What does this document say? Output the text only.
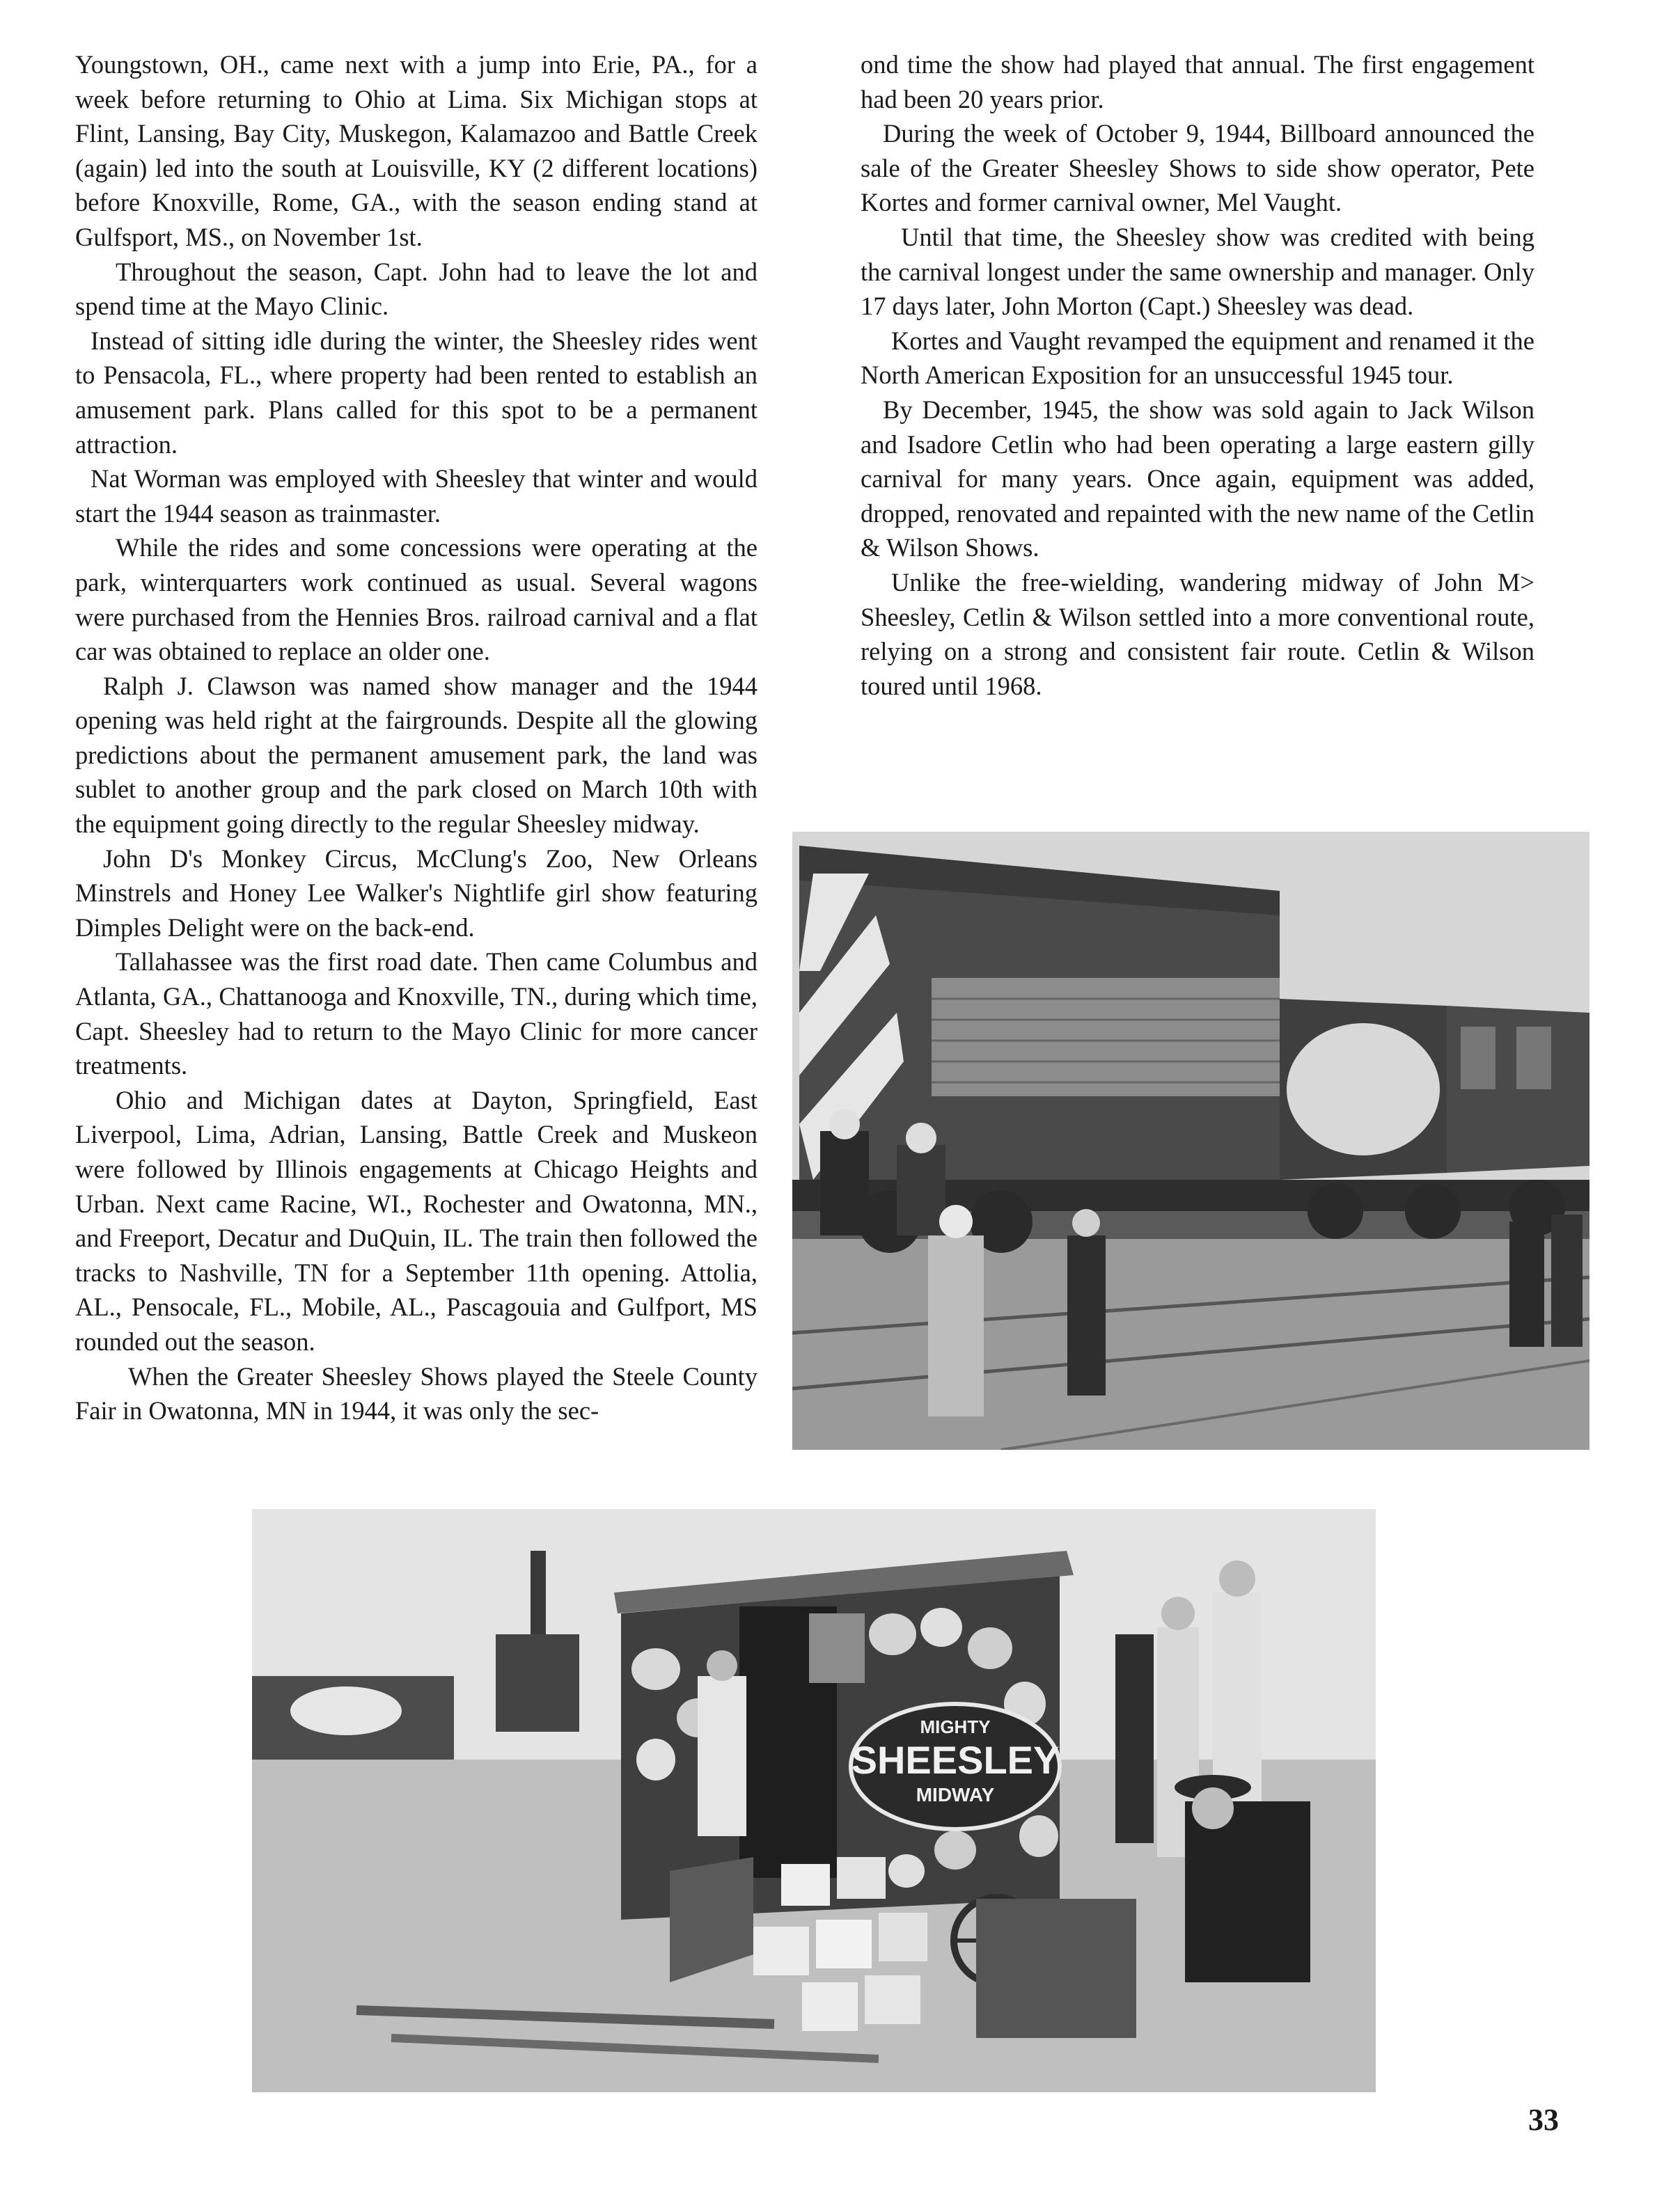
Youngstown, OH., came next with a jump into Erie, PA., for a week before returning to Ohio at Lima. Six Michigan stops at Flint, Lansing, Bay City, Muskegon, Kalamazoo and Battle Creek (again) led into the south at Louisville, KY (2 different locations) before Knoxville, Rome, GA., with the season ending stand at Gulfsport, MS., on November 1st.

Throughout the season, Capt. John had to leave the lot and spend time at the Mayo Clinic.

Instead of sitting idle during the winter, the Sheesley rides went to Pensacola, FL., where property had been rented to establish an amusement park. Plans called for this spot to be a permanent attraction.

Nat Worman was employed with Sheesley that winter and would start the 1944 season as trainmaster.

While the rides and some concessions were operating at the park, winterquarters work continued as usual. Several wagons were purchased from the Hennies Bros. railroad carnival and a flat car was obtained to replace an older one.

Ralph J. Clawson was named show manager and the 1944 opening was held right at the fairgrounds. Despite all the glowing predictions about the permanent amusement park, the land was sublet to another group and the park closed on March 10th with the equipment going directly to the regular Sheesley midway.

John D's Monkey Circus, McClung's Zoo, New Orleans Minstrels and Honey Lee Walker's Nightlife girl show featuring Dimples Delight were on the back-end.

Tallahassee was the first road date. Then came Columbus and Atlanta, GA., Chattanooga and Knoxville, TN., during which time, Capt. Sheesley had to return to the Mayo Clinic for more cancer treatments.

Ohio and Michigan dates at Dayton, Springfield, East Liverpool, Lima, Adrian, Lansing, Battle Creek and Muskeon were followed by Illinois engagements at Chicago Heights and Urban. Next came Racine, WI., Rochester and Owatonna, MN., and Freeport, Decatur and DuQuin, IL. The train then followed the tracks to Nashville, TN for a September 11th opening. Attolia, AL., Pensocale, FL., Mobile, AL., Pascagouia and Gulfport, MS rounded out the season.

When the Greater Sheesley Shows played the Steele County Fair in Owatonna, MN in 1944, it was only the sec-

ond time the show had played that annual. The first engagement had been 20 years prior.

During the week of October 9, 1944, Billboard announced the sale of the Greater Sheesley Shows to side show operator, Pete Kortes and former carnival owner, Mel Vaught.

Until that time, the Sheesley show was credited with being the carnival longest under the same ownership and manager. Only 17 days later, John Morton (Capt.) Sheesley was dead.

Kortes and Vaught revamped the equipment and renamed it the North American Exposition for an unsuccessful 1945 tour.

By December, 1945, the show was sold again to Jack Wilson and Isadore Cetlin who had been operating a large eastern gilly carnival for many years. Once again, equipment was added, dropped, renovated and repainted with the new name of the Cetlin & Wilson Shows.

Unlike the free-wielding, wandering midway of John M> Sheesley, Cetlin & Wilson settled into a more conventional route, relying on a strong and consistent fair route. Cetlin & Wilson toured until 1968.

MIGHTY
SHEESLEY
MIDWAY
33
